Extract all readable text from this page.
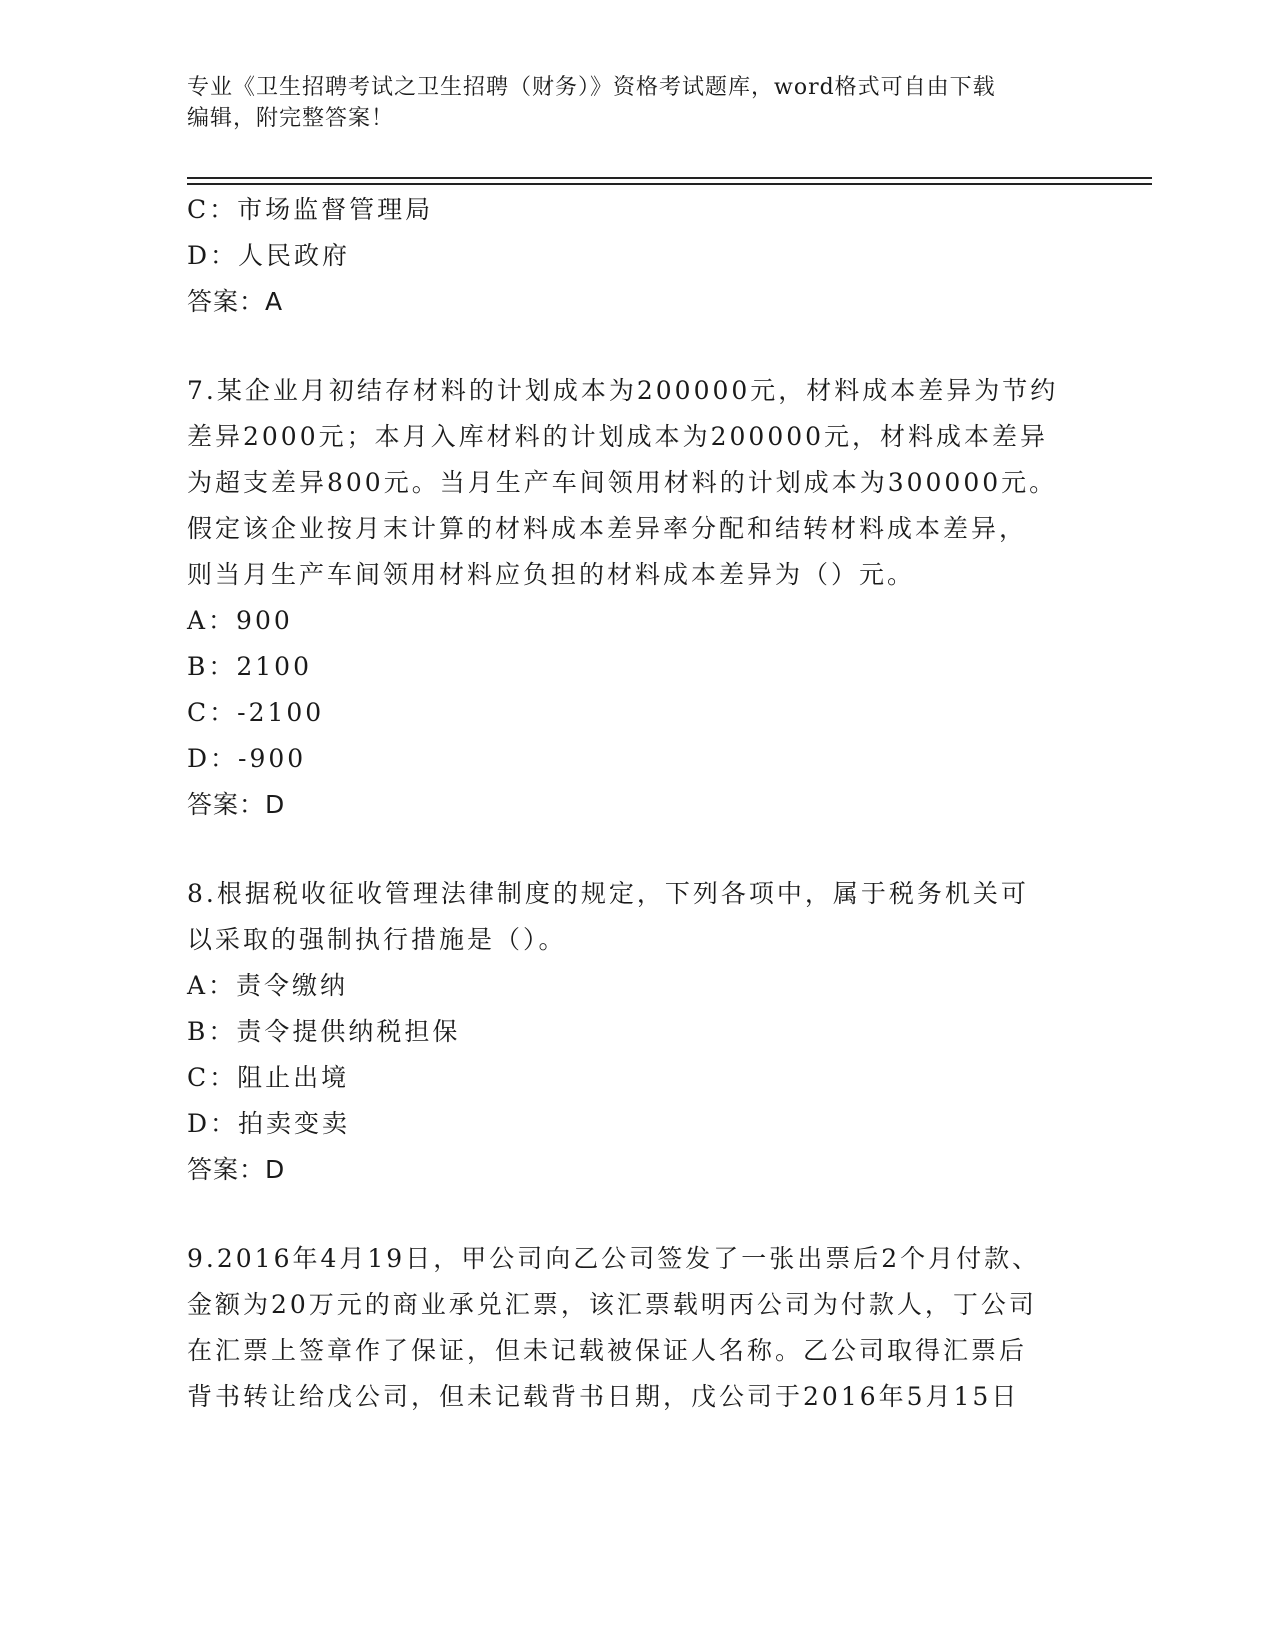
专业《卫生招聘考试之卫生招聘（财务）》资格考试题库，word格式可自由下载
编辑，附完整答案！
C：市场监督管理局
D：人民政府
答案：A
7.某企业月初结存材料的计划成本为200000元，材料成本差异为节约
差异2000元；本月入库材料的计划成本为200000元，材料成本差异
为超支差异800元。当月生产车间领用材料的计划成本为300000元。
假定该企业按月末计算的材料成本差异率分配和结转材料成本差异，
则当月生产车间领用材料应负担的材料成本差异为（）元。
A：900
B：2100
C：-2100
D：-900
答案：D
8.根据税收征收管理法律制度的规定，下列各项中，属于税务机关可
以采取的强制执行措施是（）。
A：责令缴纳
B：责令提供纳税担保
C：阻止出境
D：拍卖变卖
答案：D
9.2016年4月19日，甲公司向乙公司签发了一张出票后2个月付款、
金额为20万元的商业承兑汇票，该汇票载明丙公司为付款人，丁公司
在汇票上签章作了保证，但未记载被保证人名称。乙公司取得汇票后
背书转让给戊公司，但未记载背书日期，戊公司于2016年5月15日
